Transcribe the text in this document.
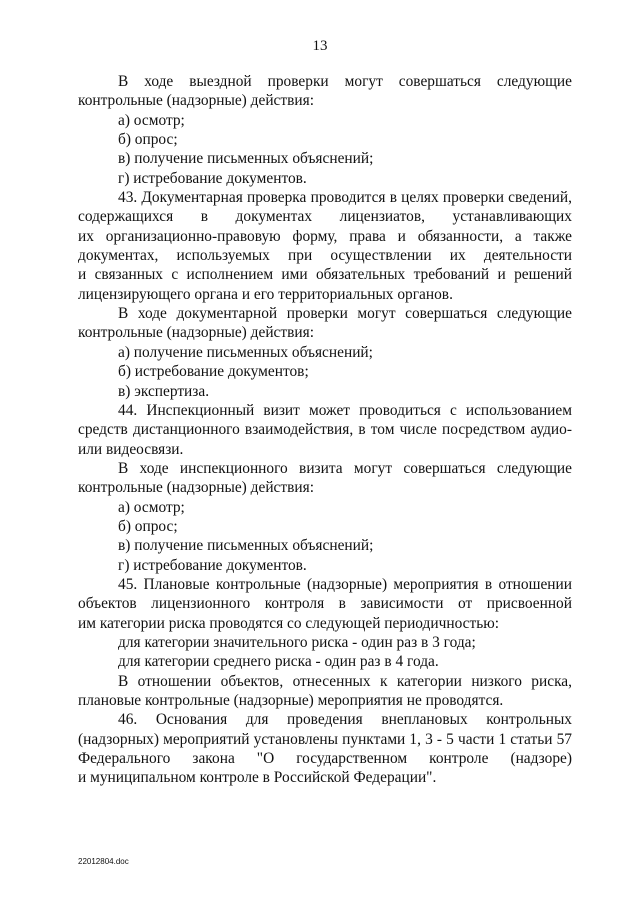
13

В ходе выездной проверки могут совершаться следующие
контрольные (надзорные) действия:

а) осмотр;

б) опрос;

в) получение письменных объяснений;

г) истребование документов.

43. Документарная проверка проводится в целях проверки сведений,
содержащихся в документах лицензиатов, устанавливающих
их организационно-правовую форму, права и обязанности, а также
документах, используемых при осуществлении их деятельности
и связанных с исполнением ими обязательных требований и решений
лицензирующего органа и его территориальных органов.

В ходе документарной проверки могут совершаться следующие
контрольные (надзорные) действия:

а) получение письменных объяснений;

б) истребование документов;

в) экспертиза.

44. Инспекционный визит может проводиться с использованием
средств дистанционного взаимодействия, в том числе посредством аудио-
или видеосвязи.

В ходе инспекционного визита могут совершаться следующие
контрольные (надзорные) действия:

а) осмотр;

б) опрос;

в) получение письменных объяснений;

г) истребование документов.

45. Плановые контрольные (надзорные) мероприятия в отношении
объектов лицензионного контроля в зависимости от присвоенной
им категории риска проводятся со следующей периодичностью:

для категории значительного риска - один раз в 3 года;

для категории среднего риска - один раз в 4 года.

В отношении объектов, отнесенных к категории низкого риска,
плановые контрольные (надзорные) мероприятия не проводятся.

46. Основания для проведения внеплановых контрольных
(надзорных) мероприятий установлены пунктами 1, 3 - 5 части 1 статьи 57
Федерального закона "О государственном контроле (надзоре)
и муниципальном контроле в Российской Федерации".

22012804.doc
